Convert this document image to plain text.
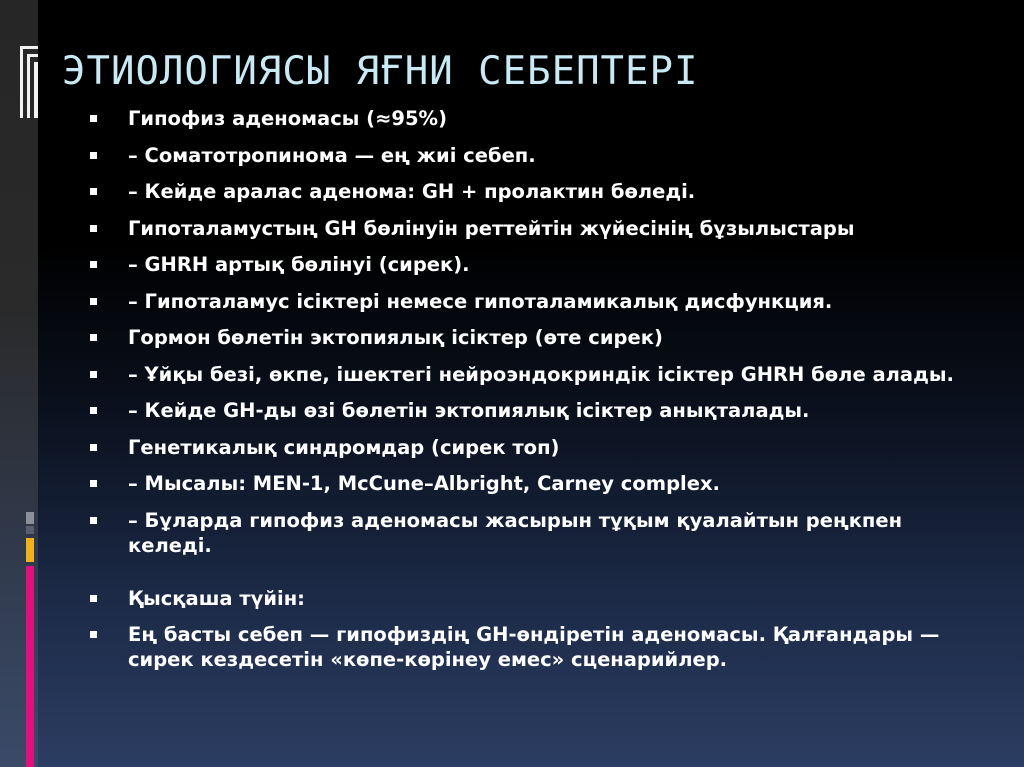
ЭТИОЛОГИЯСЫ ЯҒНИ СЕБЕПТЕРІ
Гипофиз аденомасы (≈95%)
– Соматотропинома — ең жиі себеп.
– Кейде аралас аденома: GH + пролактин бөледі.
Гипоталамустың GH бөлінуін реттейтін жүйесінің бұзылыстары
– GHRH артық бөлінуі (сирек).
– Гипоталамус ісіктері немесе гипоталамикалық дисфункция.
Гормон бөлетін эктопиялық ісіктер (өте сирек)
– Ұйқы безі, өкпе, ішектегі нейроэндокриндік ісіктер GHRH бөле алады.
– Кейде GH-ды өзі бөлетін эктопиялық ісіктер анықталады.
Генетикалық синдромдар (сирек топ)
– Мысалы: MEN-1, McCune–Albright, Carney complex.
– Бұларда гипофиз аденомасы жасырын тұқым қуалайтын реңкпен келеді.
Қысқаша түйін:
Ең басты себеп — гипофиздің GH-өндіретін аденомасы. Қалғандары — сирек кездесетін «көпе-көрінеу емес» сценарийлер.
